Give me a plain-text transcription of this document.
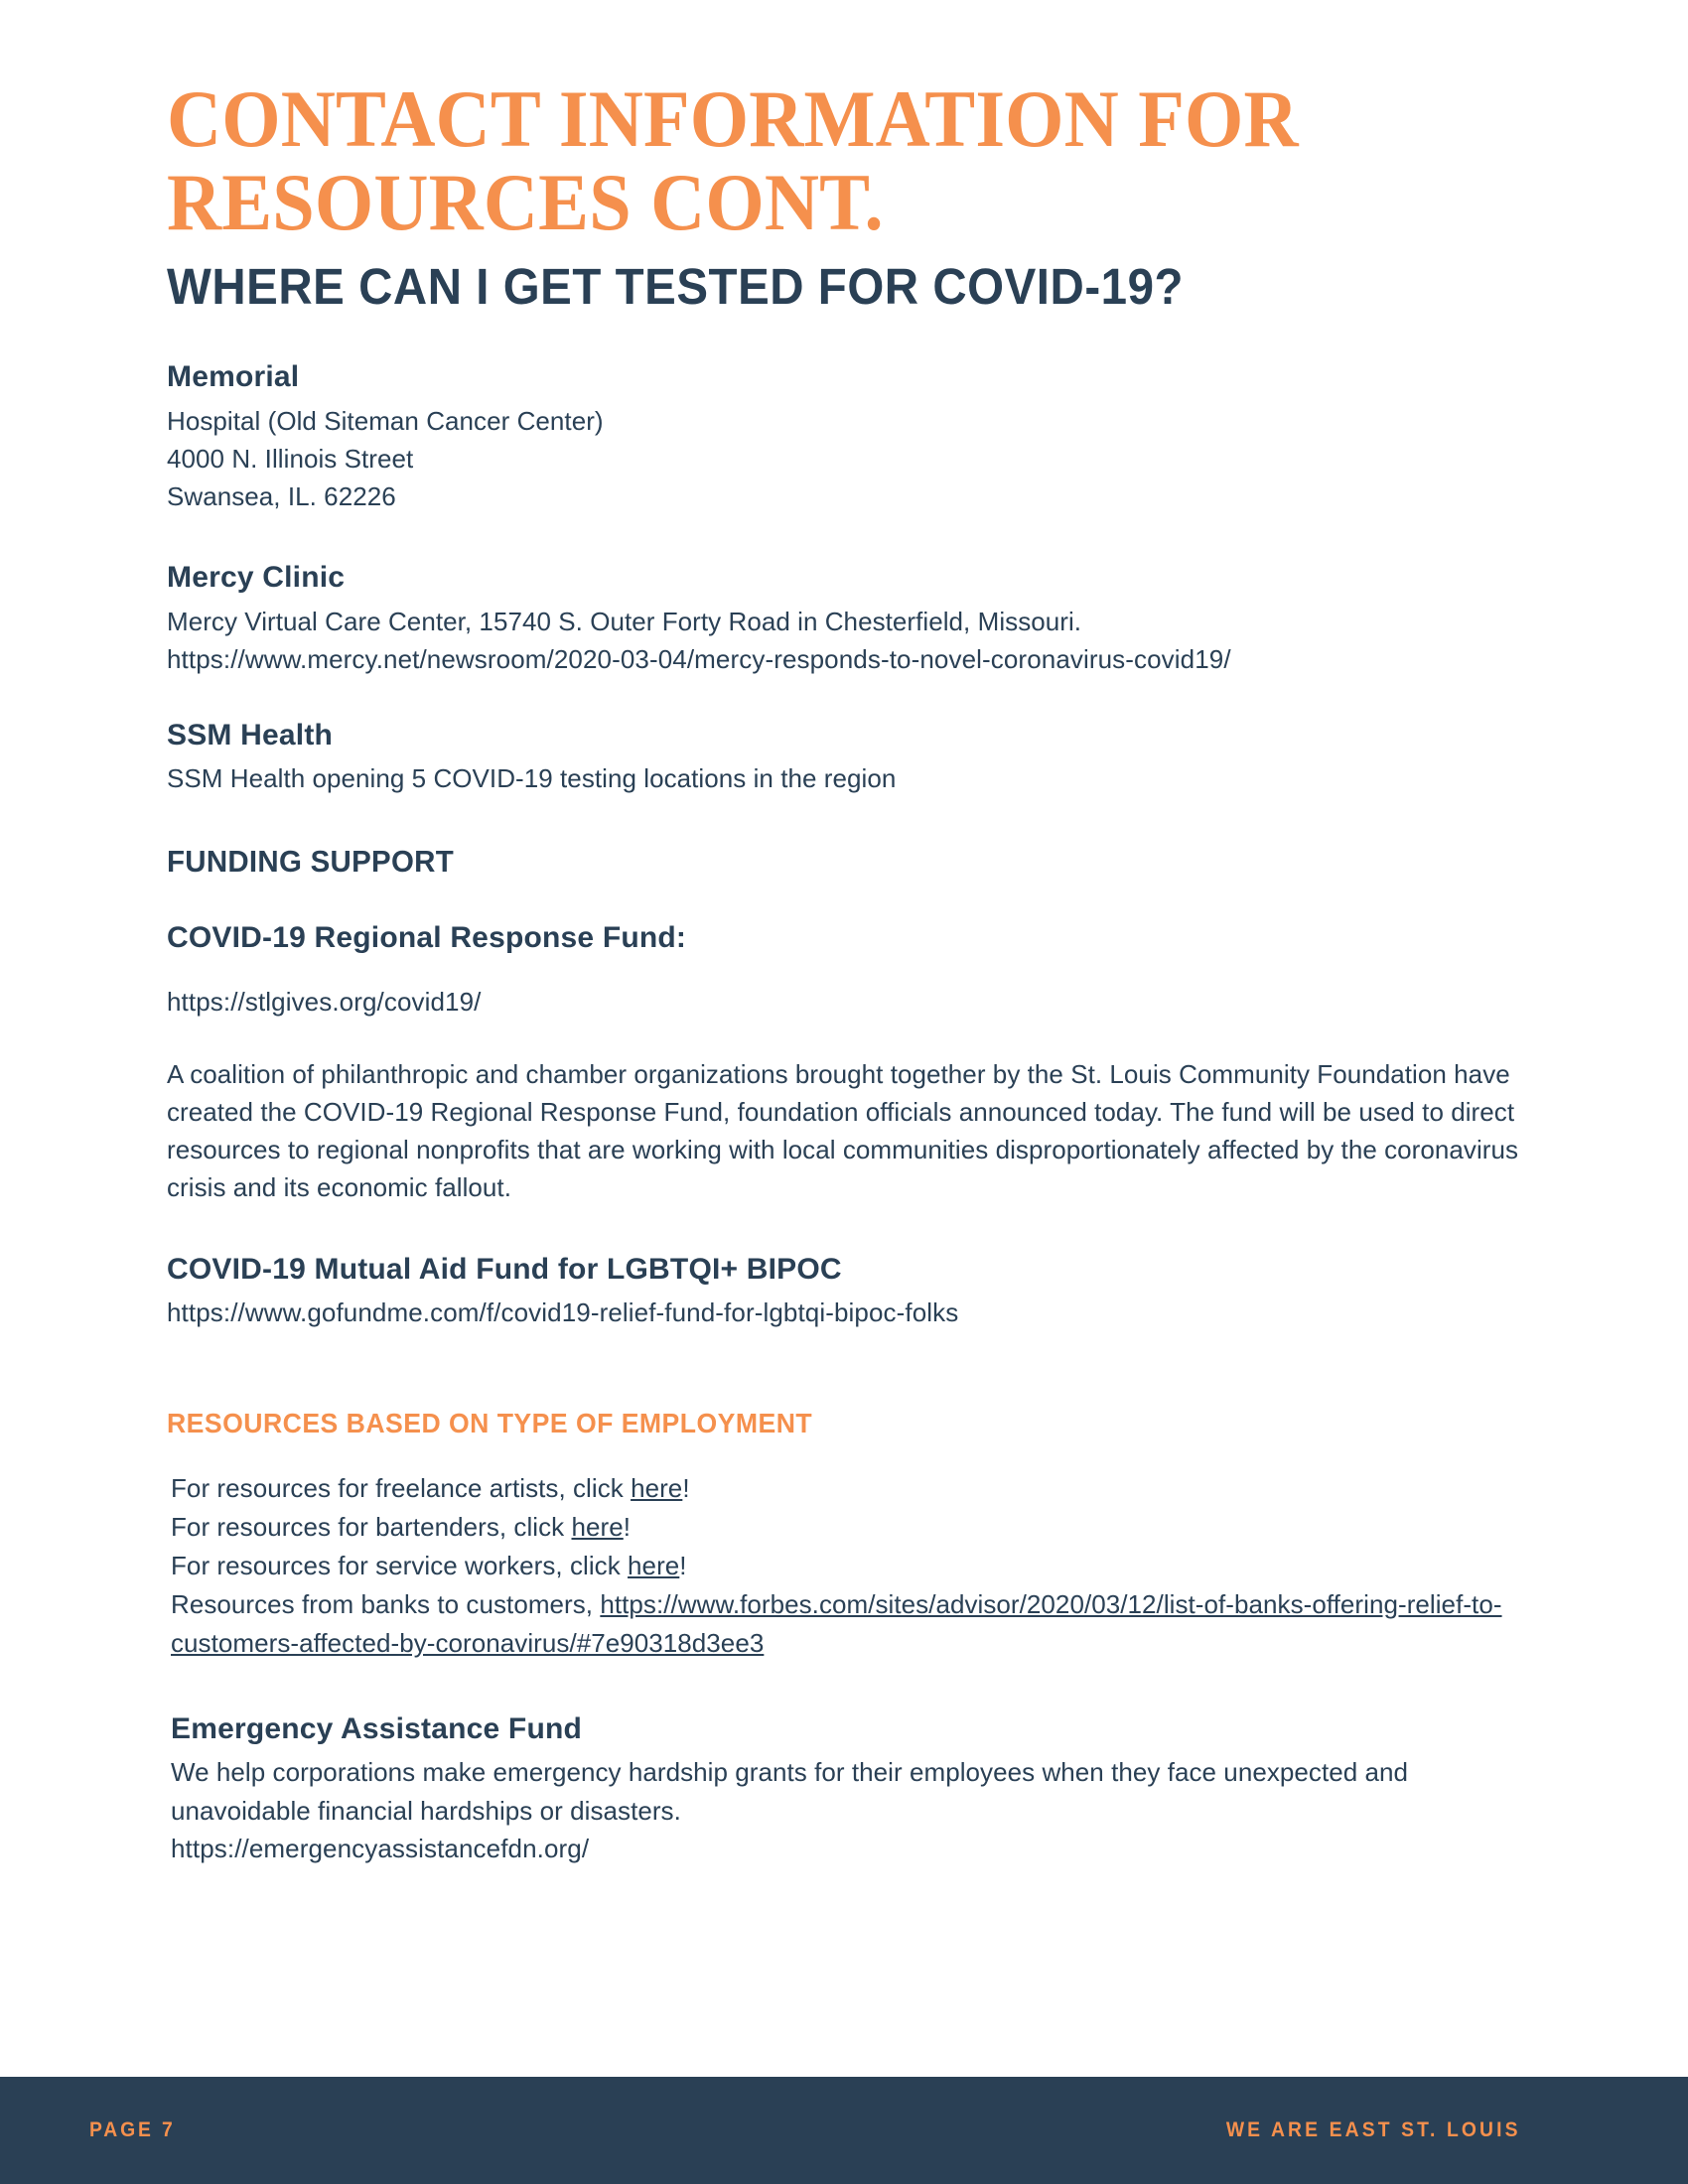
CONTACT INFORMATION FOR RESOURCES CONT.
WHERE CAN I GET TESTED FOR COVID-19?
Memorial

Hospital (Old Siteman Cancer Center)

4000 N. Illinois Street

Swansea, IL. 62226

Mercy Clinic

Mercy Virtual Care Center, 15740 S. Outer Forty Road in Chesterfield, Missouri.

https://www.mercy.net/newsroom/2020-03-04/mercy-responds-to-novel-coronavirus-covid19/

SSM Health

SSM Health opening 5 COVID-19 testing locations in the region

FUNDING SUPPORT
COVID-19 Regional Response Fund:

https://stlgives.org/covid19/

A coalition of philanthropic and chamber organizations brought together by the St. Louis Community Foundation have created the COVID-19 Regional Response Fund, foundation officials announced today. The fund will be used to direct resources to regional nonprofits that are working with local communities disproportionately affected by the coronavirus crisis and its economic fallout.

COVID-19 Mutual Aid Fund for LGBTQI+ BIPOC

https://www.gofundme.com/f/covid19-relief-fund-for-lgbtqi-bipoc-folks

RESOURCES BASED ON TYPE OF EMPLOYMENT

For resources for freelance artists, click here!

For resources for bartenders, click here!

For resources for service workers, click here!

Resources from banks to customers, https://www.forbes.com/sites/advisor/2020/03/12/list-of-banks-offering-relief-to-customers-affected-by-coronavirus/#7e90318d3ee3

Emergency Assistance Fund

We help corporations make emergency hardship grants for their employees when they face unexpected and unavoidable financial hardships or disasters.

https://emergencyassistancefdn.org/

PAGE 7	WE ARE EAST ST. LOUIS
